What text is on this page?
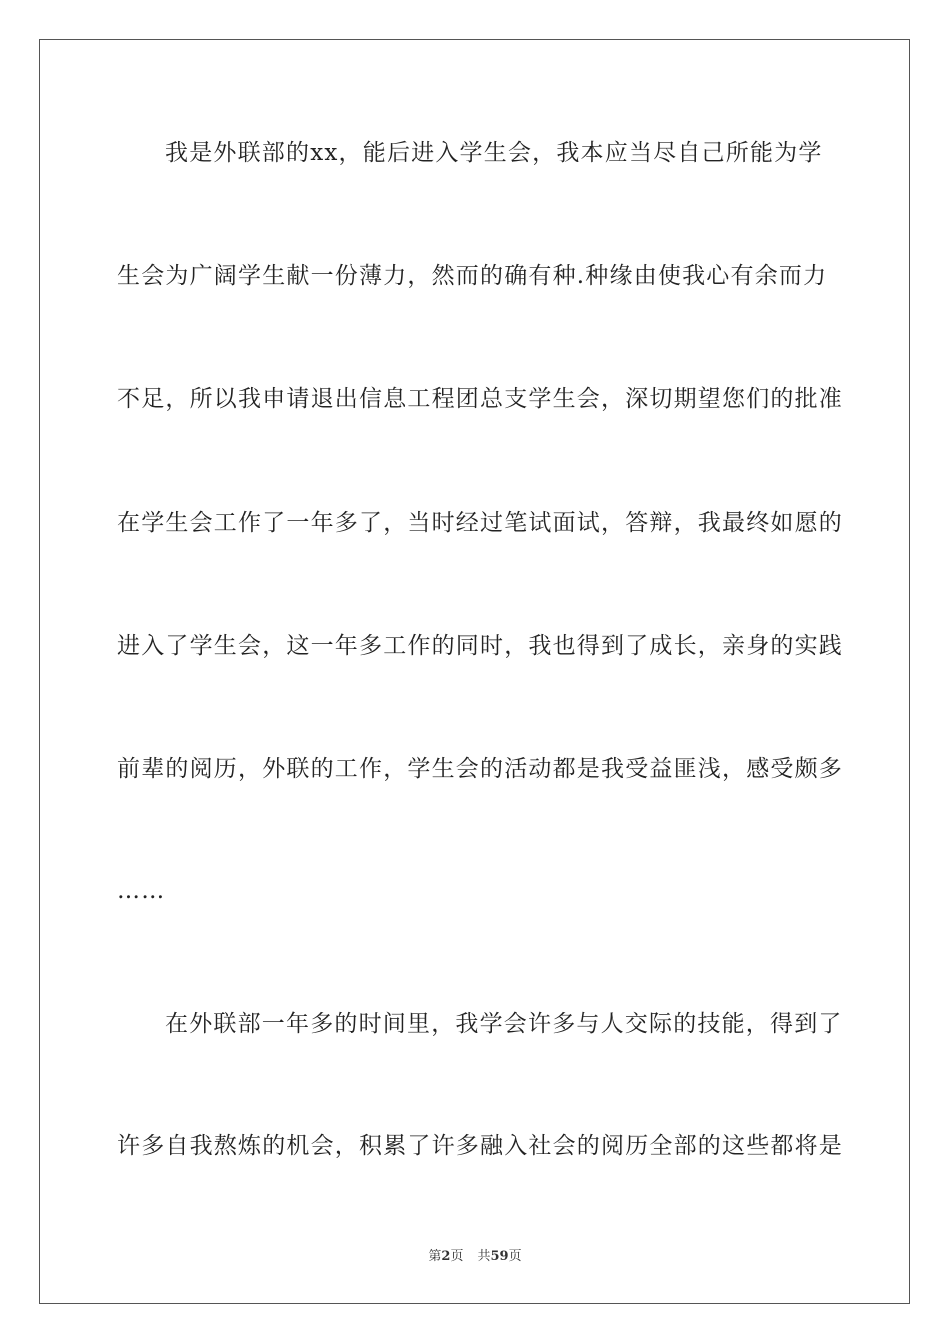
我是外联部的xx，能后进入学生会，我本应当尽自己所能为学
生会为广阔学生献一份薄力，然而的确有种.种缘由使我心有余而力
不足，所以我申请退出信息工程团总支学生会，深切期望您们的批准
在学生会工作了一年多了，当时经过笔试面试，答辩，我最终如愿的
进入了学生会，这一年多工作的同时，我也得到了成长，亲身的实践
前辈的阅历，外联的工作，学生会的活动都是我受益匪浅，感受颇多
……
在外联部一年多的时间里，我学会许多与人交际的技能，得到了
许多自我熬炼的机会，积累了许多融入社会的阅历全部的这些都将是
第2页 共59页
